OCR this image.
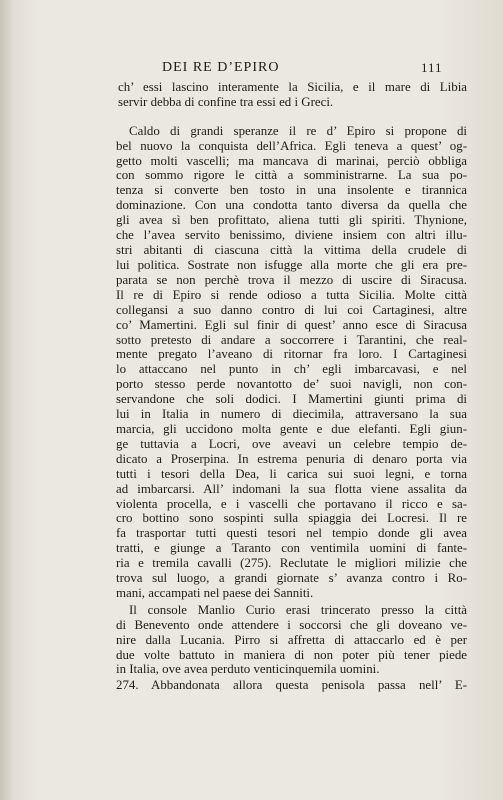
DEI RE D’EPIRO	111
ch’ essi lascino interamente la Sicilia, e il mare di Libia
servir debba di confine tra essi ed i Greci.
Caldo di grandi speranze il re d’ Epiro si propone di
bel nuovo la conquista dell’Africa. Egli teneva a quest’ og-
getto molti vascelli; ma mancava di marinai, perciò obbliga
con sommo rigore le città a somministrarne. La sua po-
tenza si converte ben tosto in una insolente e tirannica
dominazione. Con una condotta tanto diversa da quella che
gli avea sì ben profittato, aliena tutti gli spiriti. Thynione,
che l’avea servito benissimo, diviene insiem con altri illu-
stri abitanti di ciascuna città la vittima della crudele di
lui politica. Sostrate non isfugge alla morte che gli era pre-
parata se non perchè trova il mezzo di uscire di Siracusa.
Il re di Epiro si rende odioso a tutta Sicilia. Molte città
collegansi a suo danno contro di lui coi Cartaginesi, altre
co’ Mamertini. Egli sul finir di quest’ anno esce di Siracusa
sotto pretesto di andare a soccorrere i Tarantini, che real-
mente pregato l’aveano di ritornar fra loro. I Cartaginesi
lo attaccano nel punto in ch’ egli imbarcavasi, e nel
porto stesso perde novantotto de’ suoi navigli, non con-
servandone che soli dodici. I Mamertini giunti prima di
lui in Italia in numero di diecimila, attraversano la sua
marcia, gli uccidono molta gente e due elefanti. Egli giun-
ge tuttavia a Locri, ove aveavi un celebre tempio de-
dicato a Proserpina. In estrema penuria di denaro porta via
tutti i tesori della Dea, li carica sui suoi legni, e torna
ad imbarcarsi. All’ indomani la sua flotta viene assalita da
violenta procella, e i vascelli che portavano il ricco e sa-
cro bottino sono sospinti sulla spiaggia dei Locresi. Il re
fa trasportar tutti questi tesori nel tempio donde gli avea
tratti, e giunge a Taranto con ventimila uomini di fante-
ria e tremila cavalli (275). Reclutate le migliori milizie che
trova sul luogo, a grandi giornate s’ avanza contro i Ro-
mani, accampati nel paese dei Sanniti.
Il console Manlio Curio erasi trincerato presso la città
di Benevento onde attendere i soccorsi che gli doveano ve-
nire dalla Lucania. Pirro si affretta di attaccarlo ed è per
due volte battuto in maniera di non poter più tener piede
in Italia, ove avea perduto venticinquemila uomini.
274. Abbandonata allora questa penisola passa nell’ E-
